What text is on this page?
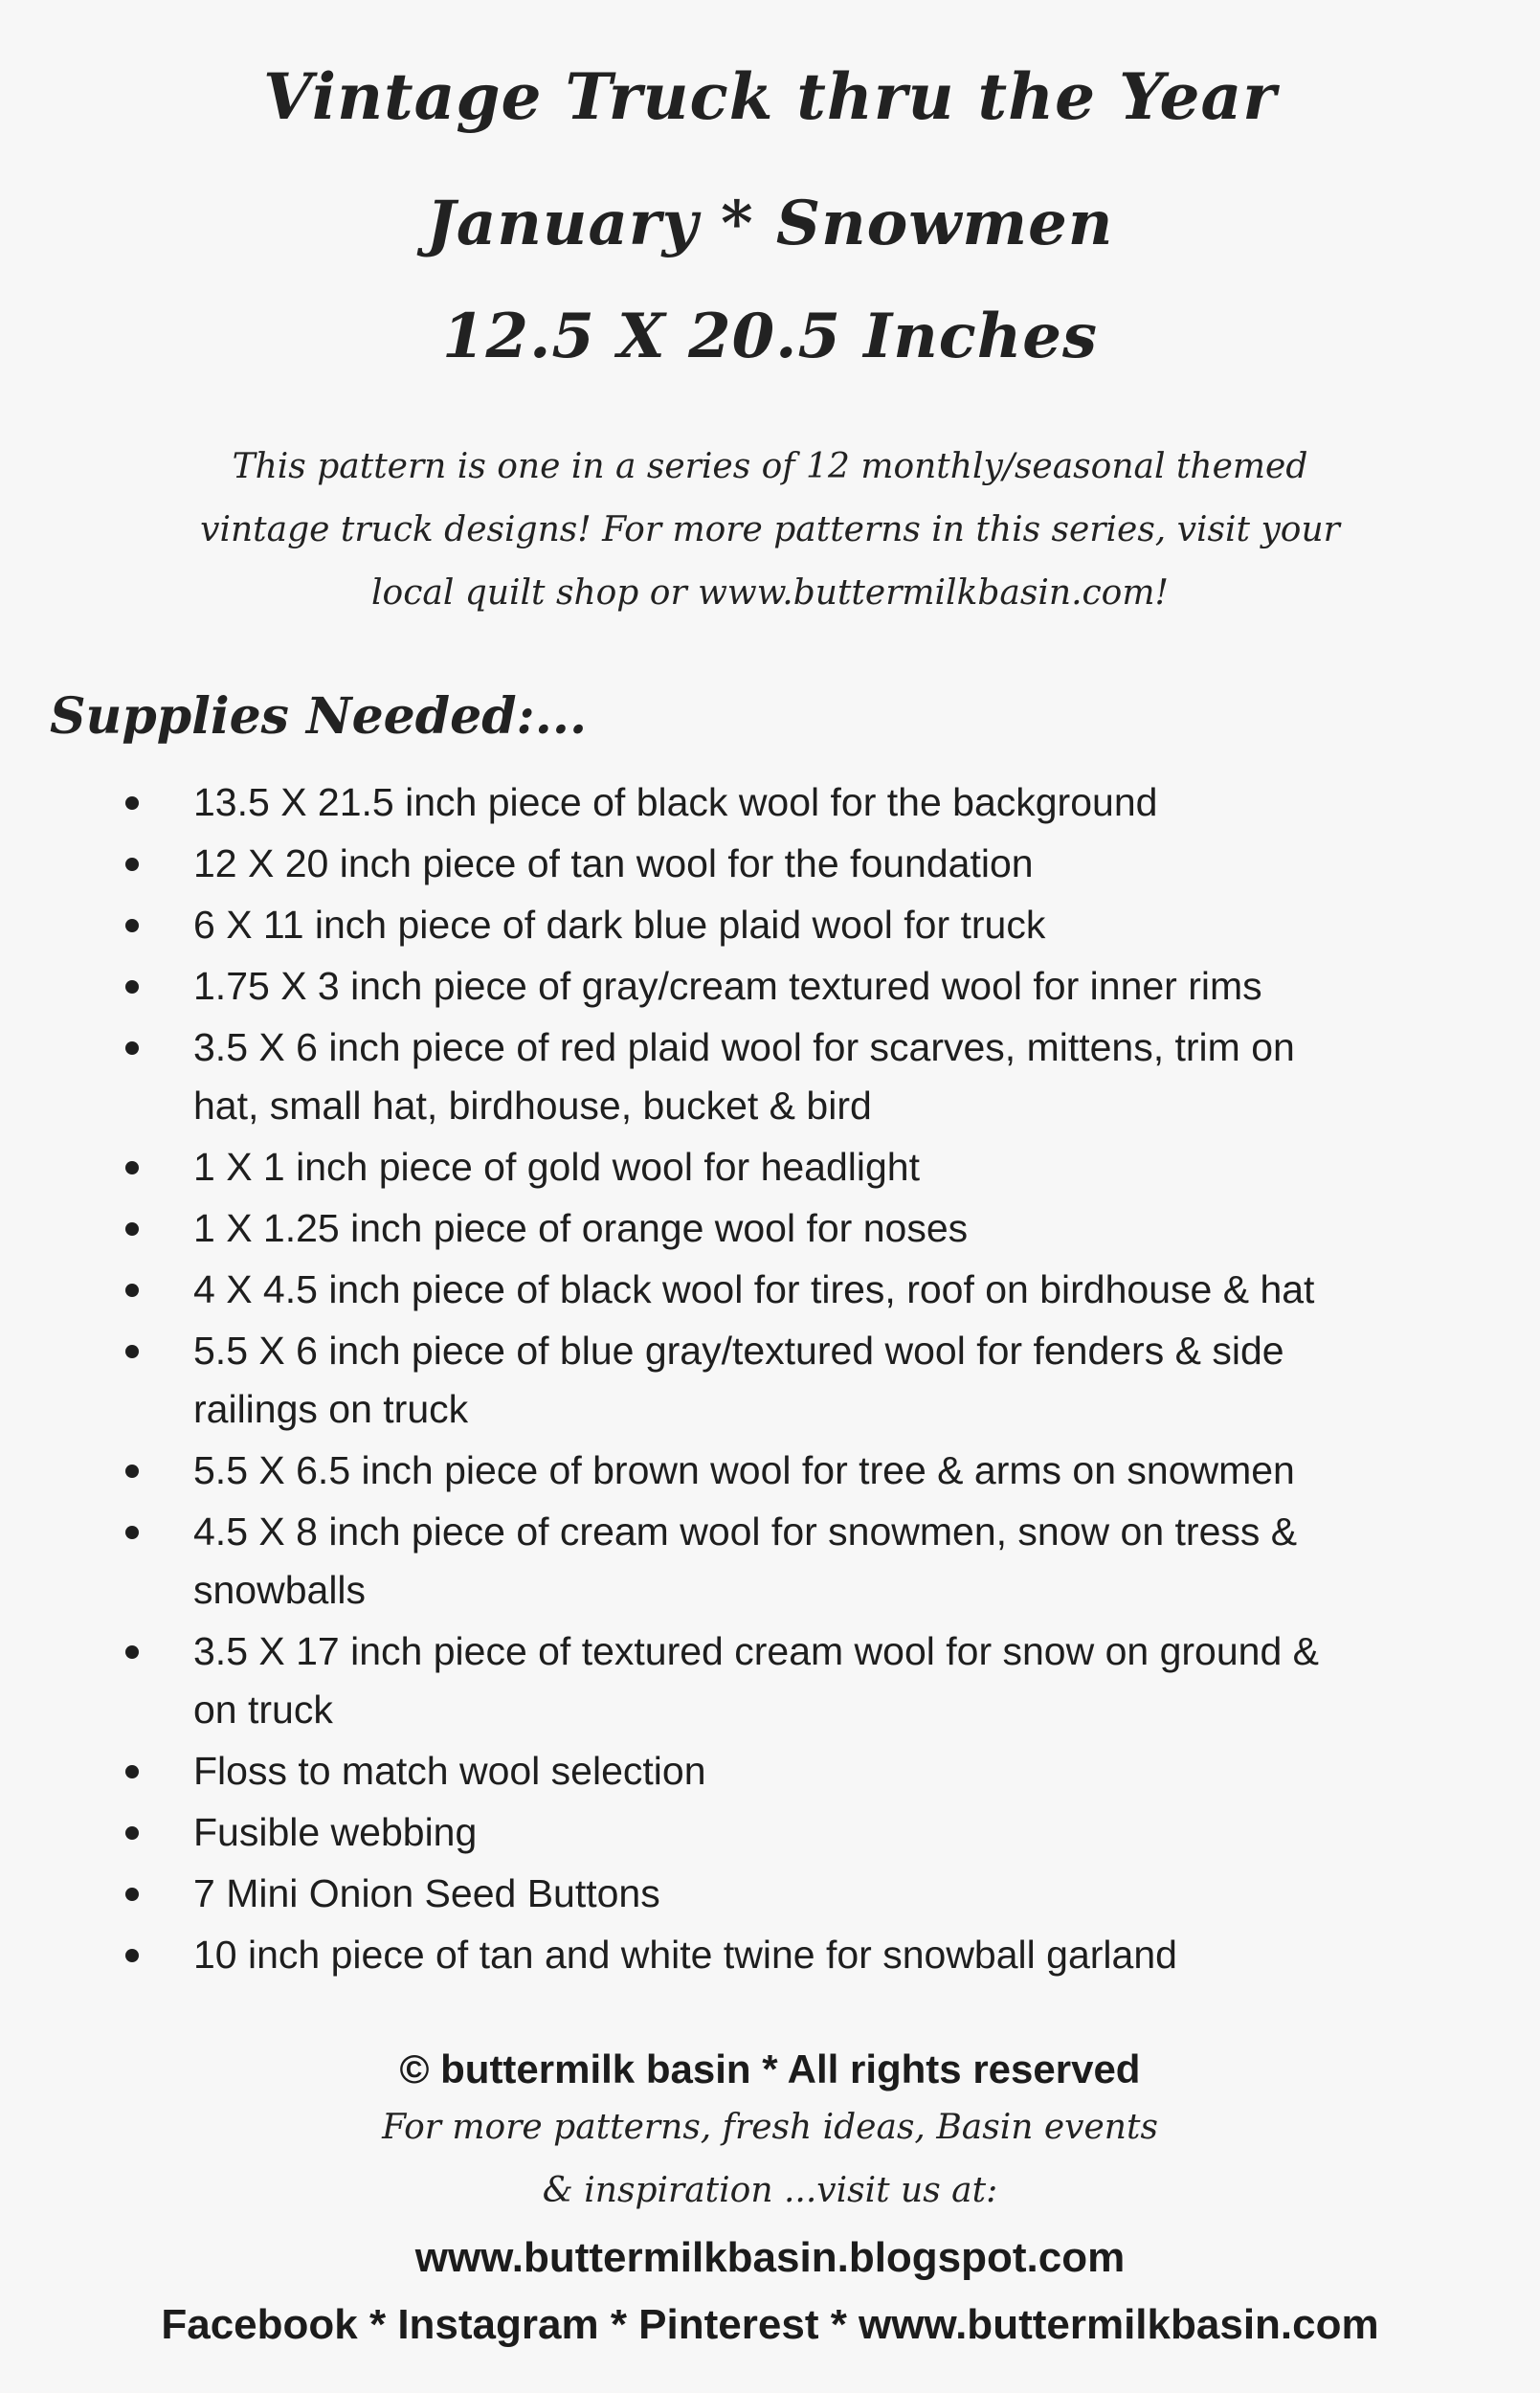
Vintage Truck thru the Year
January * Snowmen
12.5 X 20.5 Inches
This pattern is one in a series of 12 monthly/seasonal themed
vintage truck designs! For more patterns in this series, visit your
local quilt shop or www.buttermilkbasin.com!
Supplies Needed:...
13.5 X 21.5 inch piece of black wool for the background
12 X 20 inch piece of tan wool for the foundation
6 X 11 inch piece of dark blue plaid wool for truck
1.75 X 3 inch piece of gray/cream textured wool for inner rims
3.5 X 6 inch piece of red plaid wool for scarves, mittens, trim on
hat, small hat, birdhouse, bucket & bird
1 X 1 inch piece of gold wool for headlight
1 X 1.25 inch piece of orange wool for noses
4 X 4.5 inch piece of black wool for tires, roof on birdhouse & hat
5.5 X 6 inch piece of blue gray/textured wool for fenders & side
railings on truck
5.5 X 6.5 inch piece of brown wool for tree & arms on snowmen
4.5 X 8 inch piece of cream wool for snowmen, snow on tress &
snowballs
3.5 X 17 inch piece of textured cream wool for snow on ground &
on truck
Floss to match wool selection
Fusible webbing
7 Mini Onion Seed Buttons
10 inch piece of tan and white twine for snowball garland
© buttermilk basin * All rights reserved
For more patterns, fresh ideas, Basin events
& inspiration ...visit us at:
www.buttermilkbasin.blogspot.com
Facebook * Instagram * Pinterest * www.buttermilkbasin.com
